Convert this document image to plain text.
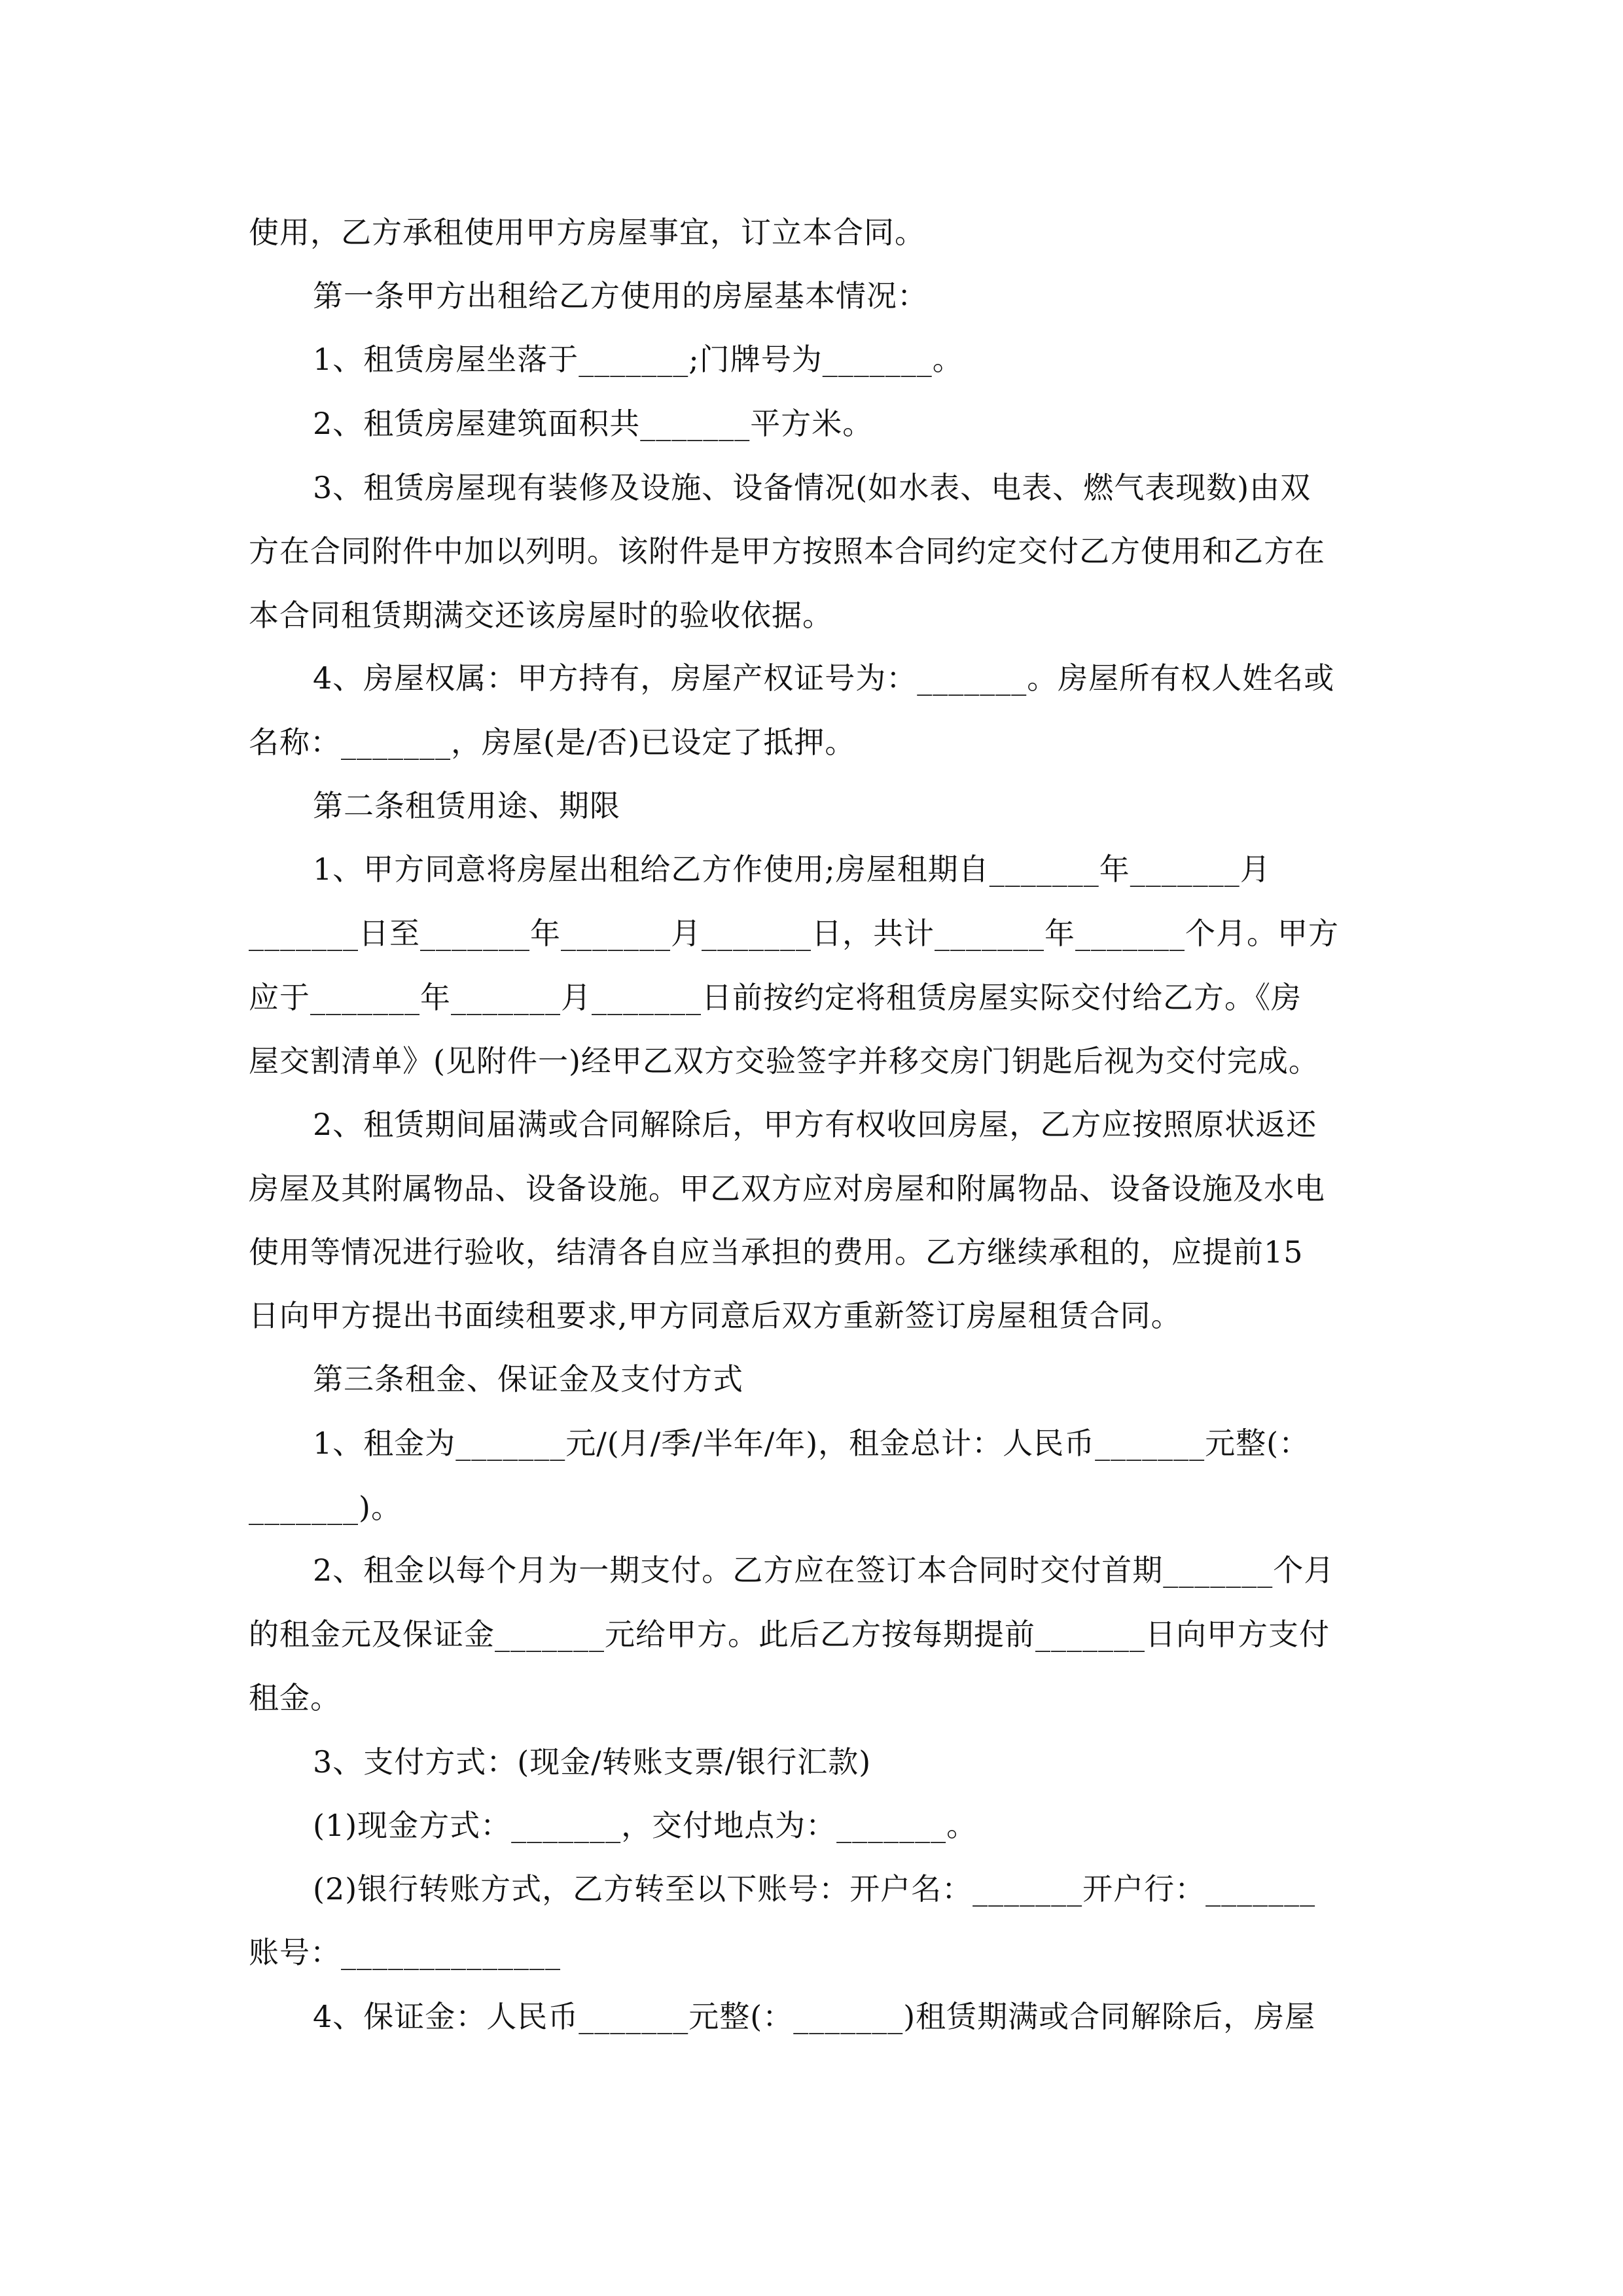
使用，乙方承租使用甲方房屋事宜，订立本合同。
第一条甲方出租给乙方使用的房屋基本情况：
1、租赁房屋坐落于_______;门牌号为_______。
2、租赁房屋建筑面积共_______平方米。
3、租赁房屋现有装修及设施、设备情况(如水表、电表、燃气表现数)由双
方在合同附件中加以列明。该附件是甲方按照本合同约定交付乙方使用和乙方在
本合同租赁期满交还该房屋时的验收依据。
4、房屋权属：甲方持有，房屋产权证号为：_______。房屋所有权人姓名或
名称：_______，房屋(是/否)已设定了抵押。
第二条租赁用途、期限
1、甲方同意将房屋出租给乙方作使用;房屋租期自_______年_______月
_______日至_______年_______月_______日，共计_______年_______个月。甲方
应于_______年_______月_______日前按约定将租赁房屋实际交付给乙方。《房
屋交割清单》(见附件一)经甲乙双方交验签字并移交房门钥匙后视为交付完成。
2、租赁期间届满或合同解除后，甲方有权收回房屋，乙方应按照原状返还
房屋及其附属物品、设备设施。甲乙双方应对房屋和附属物品、设备设施及水电
使用等情况进行验收，结清各自应当承担的费用。乙方继续承租的，应提前15
日向甲方提出书面续租要求,甲方同意后双方重新签订房屋租赁合同。
第三条租金、保证金及支付方式
1、租金为_______元/(月/季/半年/年)，租金总计：人民币_______元整(：
_______)。
2、租金以每个月为一期支付。乙方应在签订本合同时交付首期_______个月
的租金元及保证金_______元给甲方。此后乙方按每期提前_______日向甲方支付
租金。
3、支付方式：(现金/转账支票/银行汇款)
(1)现金方式：_______，交付地点为：_______。
(2)银行转账方式，乙方转至以下账号：开户名：_______开户行：_______
账号：______________
4、保证金：人民币_______元整(：_______)租赁期满或合同解除后，房屋
